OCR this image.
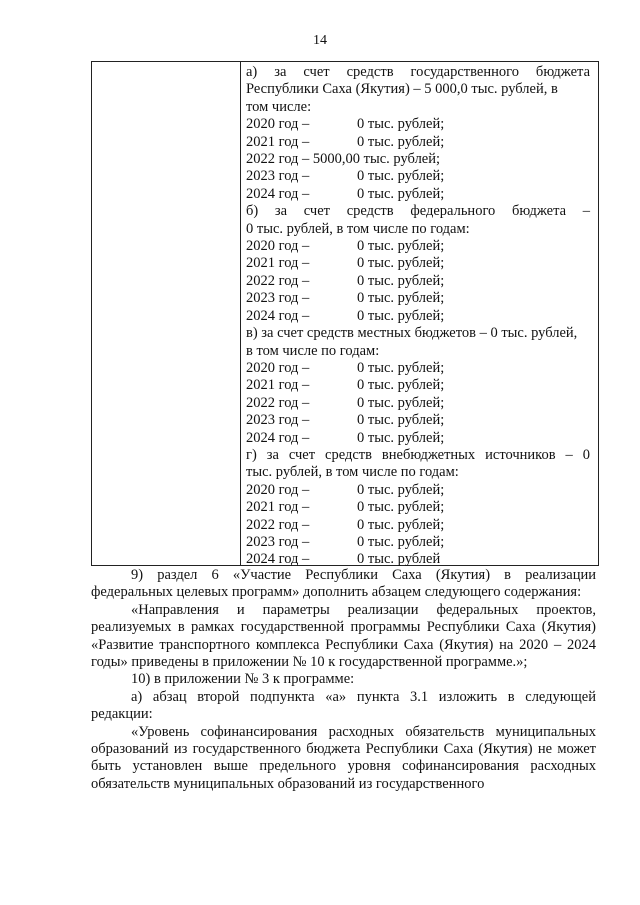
14
а) за счет средств государственного бюджета
Республики Саха (Якутия) – 5 000,0 тыс. рублей, в
том числе:
2020 год –	0 тыс. рублей;
2021 год –	0 тыс. рублей;
2022 год – 5000,00 тыс. рублей;
2023 год –	0 тыс. рублей;
2024 год –	0 тыс. рублей;
б) за счет средств федерального бюджета –
0 тыс. рублей, в том числе по годам:
2020 год –	0 тыс. рублей;
2021 год –	0 тыс. рублей;
2022 год –	0 тыс. рублей;
2023 год –	0 тыс. рублей;
2024 год –	0 тыс. рублей;
в) за счет средств местных бюджетов – 0 тыс. рублей,
в том числе по годам:
2020 год –	0 тыс. рублей;
2021 год –	0 тыс. рублей;
2022 год –	0 тыс. рублей;
2023 год –	0 тыс. рублей;
2024 год –	0 тыс. рублей;
г) за счет средств внебюджетных источников – 0
тыс. рублей, в том числе по годам:
2020 год –	0 тыс. рублей;
2021 год –	0 тыс. рублей;
2022 год –	0 тыс. рублей;
2023 год –	0 тыс. рублей;
2024 год –	0 тыс. рублей

9) раздел 6 «Участие Республики Саха (Якутия) в реализации федеральных целевых программ» дополнить абзацем следующего содержания:

«Направления и параметры реализации федеральных проектов, реализуемых в рамках государственной программы Республики Саха (Якутия) «Развитие транспортного комплекса Республики Саха (Якутия) на 2020 – 2024 годы» приведены в приложении № 10 к государственной программе.»;

10) в приложении № 3 к программе:

а) абзац второй подпункта «а» пункта 3.1 изложить в следующей редакции:

«Уровень софинансирования расходных обязательств муниципальных образований из государственного бюджета Республики Саха (Якутия) не может быть установлен выше предельного уровня софинансирования расходных обязательств муниципальных образований из государственного
